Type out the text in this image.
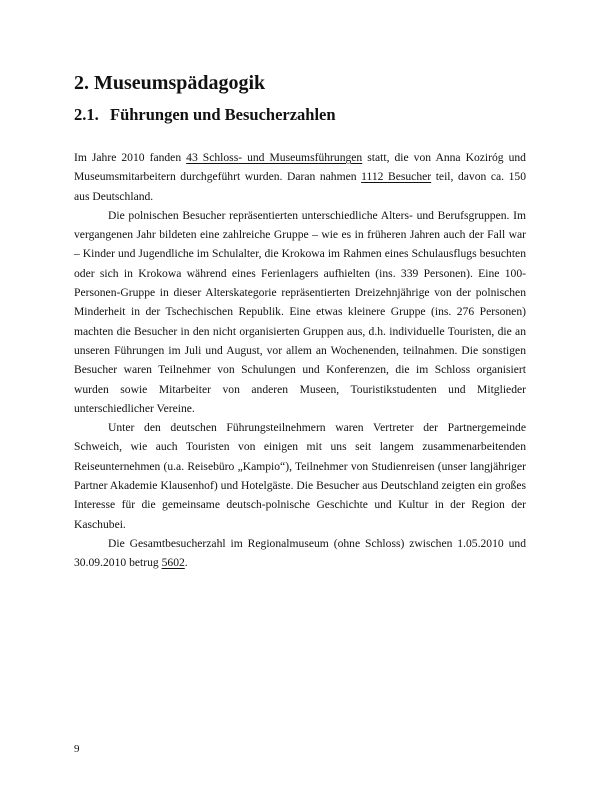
2. Museumspädagogik
2.1. Führungen und Besucherzahlen

Im Jahre 2010 fanden 43 Schloss- und Museumsführungen statt, die von Anna Koziróg und Museumsmitarbeitern durchgeführt wurden. Daran nahmen 1112 Besucher teil, davon ca. 150 aus Deutschland.

Die polnischen Besucher repräsentierten unterschiedliche Alters- und Berufsgruppen. Im vergangenen Jahr bildeten eine zahlreiche Gruppe – wie es in früheren Jahren auch der Fall war – Kinder und Jugendliche im Schulalter, die Krokowa im Rahmen eines Schulausflugs besuchten oder sich in Krokowa während eines Ferienlagers aufhielten (ins. 339 Personen). Eine 100-Personen-Gruppe in dieser Alterskategorie repräsentierten Dreizehnjährige von der polnischen Minderheit in der Tschechischen Republik. Eine etwas kleinere Gruppe (ins. 276 Personen) machten die Besucher in den nicht organisierten Gruppen aus, d.h. individuelle Touristen, die an unseren Führungen im Juli und August, vor allem an Wochenenden, teilnahmen. Die sonstigen Besucher waren Teilnehmer von Schulungen und Konferenzen, die im Schloss organisiert wurden sowie Mitarbeiter von anderen Museen, Touristikstudenten und Mitglieder unterschiedlicher Vereine.

Unter den deutschen Führungsteilnehmern waren Vertreter der Partnergemeinde Schweich, wie auch Touristen von einigen mit uns seit langem zusammenarbeitenden Reiseunternehmen (u.a. Reisebüro „Kampio“), Teilnehmer von Studienreisen (unser langjähriger Partner Akademie Klausenhof) und Hotelgäste. Die Besucher aus Deutschland zeigten ein großes Interesse für die gemeinsame deutsch-polnische Geschichte und Kultur in der Region der Kaschubei.

Die Gesamtbesucherzahl im Regionalmuseum (ohne Schloss) zwischen 1.05.2010 und 30.09.2010 betrug 5602.

9
